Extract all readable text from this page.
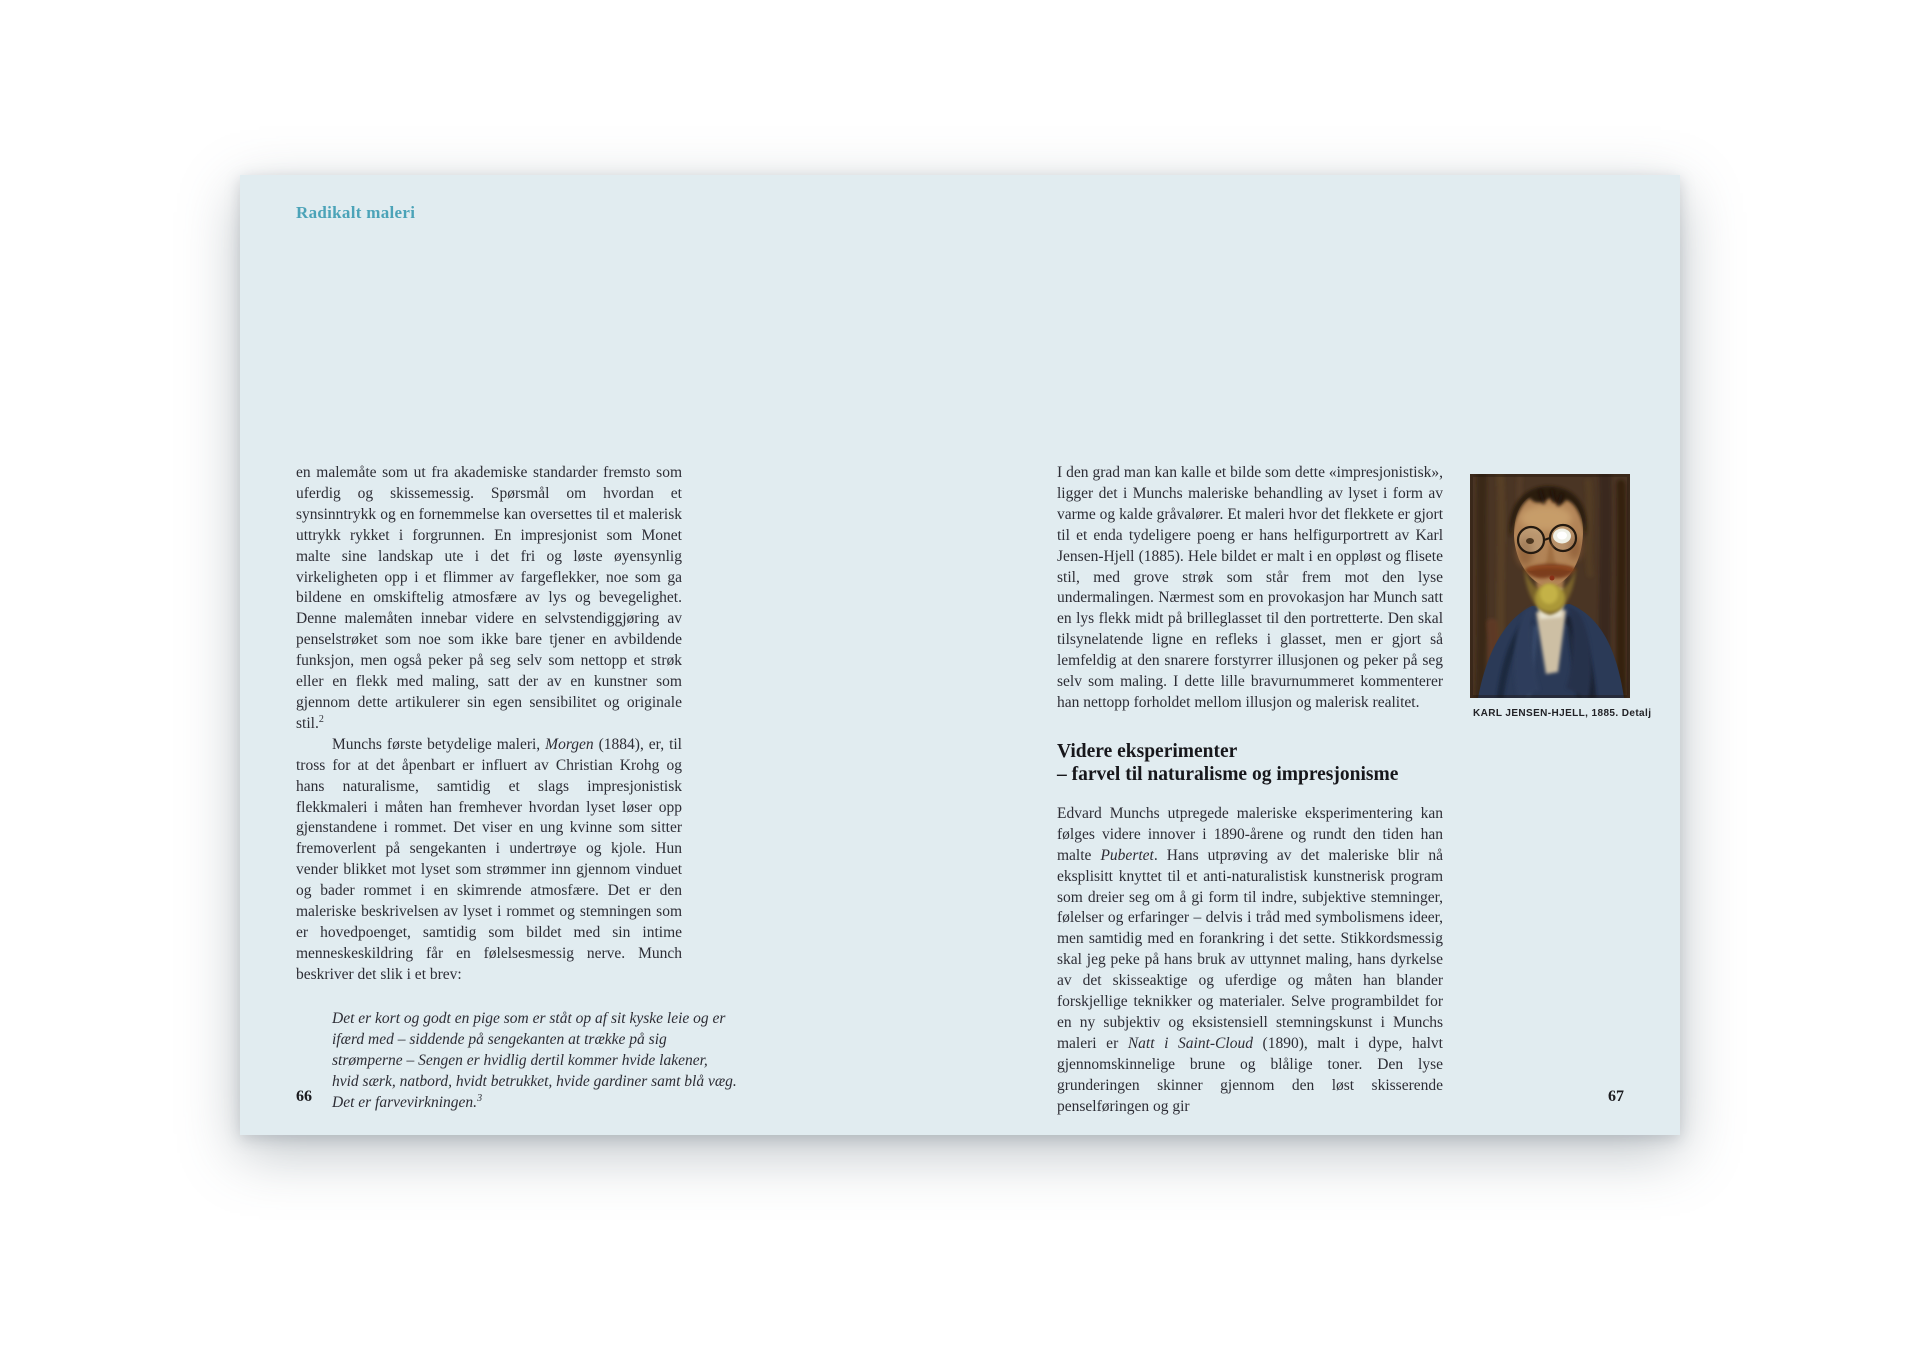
Radikalt maleri

en malemåte som ut fra akademiske standarder fremsto som uferdig og skissemessig. Spørsmål om hvordan et synsinntrykk og en fornemmelse kan oversettes til et malerisk uttrykk rykket i forgrunnen. En impresjonist som Monet malte sine landskap ute i det fri og løste øyensynlig virkeligheten opp i et flimmer av fargeflekker, noe som ga bildene en omskiftelig atmosfære av lys og bevegelighet. Denne malemåten innebar videre en selvstendiggjøring av penselstrøket som noe som ikke bare tjener en avbildende funksjon, men også peker på seg selv som nettopp et strøk eller en flekk med maling, satt der av en kunstner som gjennom dette artikulerer sin egen sensibilitet og originale stil.$^2$

Munchs første betydelige maleri, Morgen (1884), er, til tross for at det åpenbart er influert av Christian Krohg og hans naturalisme, samtidig et slags impresjonistisk flekkmaleri i måten han fremhever hvordan lyset løser opp gjenstandene i rommet. Det viser en ung kvinne som sitter fremoverlent på sengekanten i undertrøye og kjole. Hun vender blikket mot lyset som strømmer inn gjennom vinduet og bader rommet i en skimrende atmosfære. Det er den maleriske beskrivelsen av lyset i rommet og stemningen som er hovedpoenget, samtidig som bildet med sin intime menneskeskildring får en følelsesmessig nerve. Munch beskriver det slik i et brev:

Det er kort og godt en pige som er ståt op af sit kyske leie og er ifærd med – siddende på sengekanten at trække på sig strømperne – Sengen er hvidlig dertil kommer hvide lakener, hvid særk, natbord, hvidt betrukket, hvide gardiner samt blå væg. Det er farvevirkningen.$^3$
66

I den grad man kan kalle et bilde som dette «impresjonistisk», ligger det i Munchs maleriske behandling av lyset i form av varme og kalde gråvalører. Et maleri hvor det flekkete er gjort til et enda tydeligere poeng er hans helfigurportrett av Karl Jensen-Hjell (1885). Hele bildet er malt i en oppløst og flisete stil, med grove strøk som står frem mot den lyse undermalingen. Nærmest som en provokasjon har Munch satt en lys flekk midt på brilleglasset til den portretterte. Den skal tilsynelatende ligne en refleks i glasset, men er gjort så lemfeldig at den snarere forstyrrer illusjonen og peker på seg selv som maling. I dette lille bravurnummeret kommenterer han nettopp forholdet mellom illusjon og malerisk realitet.

Videre eksperimenter
– farvel til naturalisme og impresjonisme

Edvard Munchs utpregede maleriske eksperimentering kan følges videre innover i 1890-årene og rundt den tiden han malte Pubertet. Hans utprøving av det maleriske blir nå eksplisitt knyttet til et anti-naturalistisk kunstnerisk program som dreier seg om å gi form til indre, subjektive stemninger, følelser og erfaringer – delvis i tråd med symbolismens ideer, men samtidig med en forankring i det sette. Stikkordsmessig skal jeg peke på hans bruk av uttynnet maling, hans dyrkelse av det skisseaktige og uferdige og måten han blander forskjellige teknikker og materialer. Selve programbildet for en ny subjektiv og eksistensiell stemningskunst i Munchs maleri er Natt i Saint-Cloud (1890), malt i dype, halvt gjennomskinnelige brune og blålige toner. Den lyse grunderingen skinner gjennom den løst skisserende penselføringen og gir

KARL JENSEN-HJELL, 1885. Detalj
67
